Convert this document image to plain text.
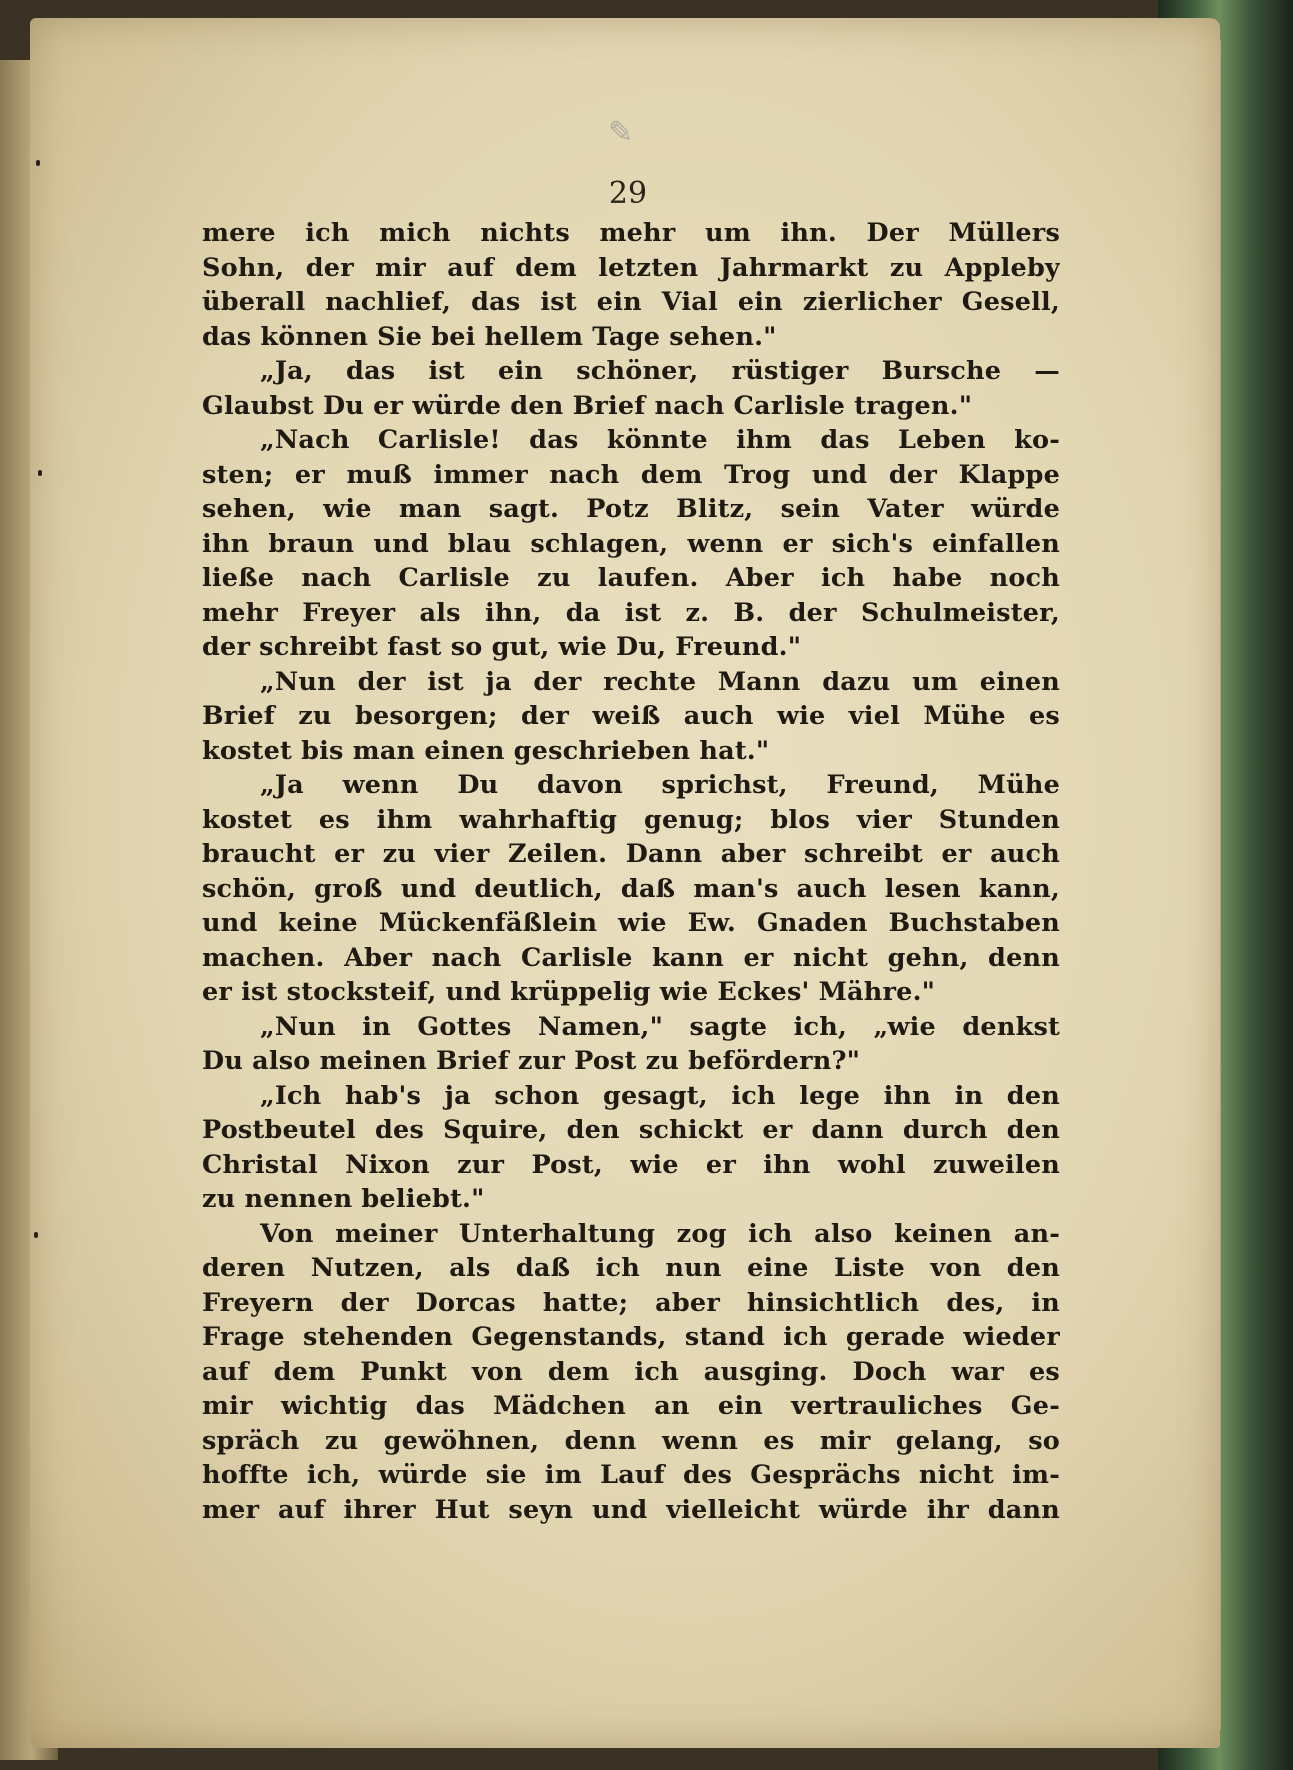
✎
29
mere ich mich nichts mehr um ihn. Der Müllers
Sohn, der mir auf dem letzten Jahrmarkt zu Appleby
überall nachlief, das ist ein Vial ein zierlicher Gesell,
das können Sie bei hellem Tage sehen."
„Ja, das ist ein schöner, rüstiger Bursche —
Glaubst Du er würde den Brief nach Carlisle tragen."
„Nach Carlisle! das könnte ihm das Leben ko-
sten; er muß immer nach dem Trog und der Klappe
sehen, wie man sagt. Potz Blitz, sein Vater würde
ihn braun und blau schlagen, wenn er sich's einfallen
ließe nach Carlisle zu laufen. Aber ich habe noch
mehr Freyer als ihn, da ist z. B. der Schulmeister,
der schreibt fast so gut, wie Du, Freund."
„Nun der ist ja der rechte Mann dazu um einen
Brief zu besorgen; der weiß auch wie viel Mühe es
kostet bis man einen geschrieben hat."
„Ja wenn Du davon sprichst, Freund, Mühe
kostet es ihm wahrhaftig genug; blos vier Stunden
braucht er zu vier Zeilen. Dann aber schreibt er auch
schön, groß und deutlich, daß man's auch lesen kann,
und keine Mückenfäßlein wie Ew. Gnaden Buchstaben
machen. Aber nach Carlisle kann er nicht gehn, denn
er ist stocksteif, und krüppelig wie Eckes' Mähre."
„Nun in Gottes Namen," sagte ich, „wie denkst
Du also meinen Brief zur Post zu befördern?"
„Ich hab's ja schon gesagt, ich lege ihn in den
Postbeutel des Squire, den schickt er dann durch den
Christal Nixon zur Post, wie er ihn wohl zuweilen
zu nennen beliebt."
Von meiner Unterhaltung zog ich also keinen an-
deren Nutzen, als daß ich nun eine Liste von den
Freyern der Dorcas hatte; aber hinsichtlich des, in
Frage stehenden Gegenstands, stand ich gerade wieder
auf dem Punkt von dem ich ausging. Doch war es
mir wichtig das Mädchen an ein vertrauliches Ge-
spräch zu gewöhnen, denn wenn es mir gelang, so
hoffte ich, würde sie im Lauf des Gesprächs nicht im-
mer auf ihrer Hut seyn und vielleicht würde ihr dann
